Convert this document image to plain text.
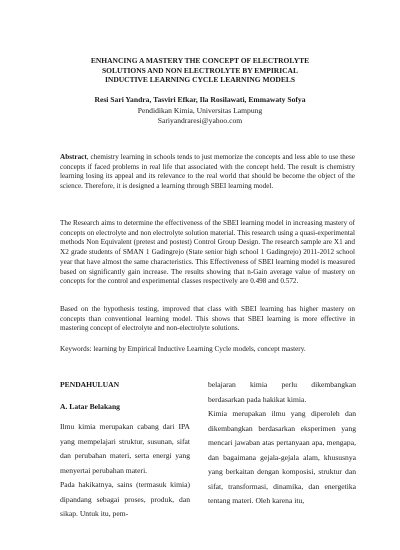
ENHANCING A MASTERY THE CONCEPT OF ELECTROLYTE
SOLUTIONS AND NON ELECTROLYTE BY EMPIRICAL
INDUCTIVE LEARNING CYCLE LEARNING MODELS
Resi Sari Yandra, Tasviri Efkar, Ila Rosilawati, Emmawaty Sofya
Pendidikan Kimia, Universitas Lampung
Sariyandraresi@yahoo.com

Abstract, chemistry learning in schools tends to just memorize the concepts and less able to use these concepts if faced problems in real life that associated with the concept held. The result is chemistry learning losing its appeal and its relevance to the real world that should be become the object of the science. Therefore, it is designed a learning through SBEI learning model.

The Research aims to determine the effectiveness of the SBEI learning model in increasing mastery of concepts on electrolyte and non electrolyte solution material. This research using a quasi-experimental methods Non Equivalent (pretest and postest) Control Group Design. The research sample are X1 and X2 grade students of SMAN 1 Gadingrejo (State senior high school 1 Gadingrejo) 2011-2012 school year that have almost the same characteristics. This Effectiveness of SBEI learning model is measured based on significantly gain increase. The results showing that n-Gain average value of mastery on concepts for the control and experimental classes respectively are 0.498 and 0.572.

Based on the hypothesis testing, improved that class with SBEI learning has higher mastery on concepts than conventional learning model. This shows that SBEI learning is more effective in mastering concept of electrolyte and non-electrolyte solutions.

Keywords: learning by Empirical Inductive Learning Cycle models, concept mastery.

PENDAHULUAN

A. Latar Belakang

Ilmu kimia merupakan cabang dari IPA yang mempelajari struktur, susunan, sifat dan perubahan materi, serta energi yang menyertai perubahan materi.

Pada hakikatnya, sains (termasuk kimia) dipandang sebagai proses, produk, dan sikap. Untuk itu, pem-

belajaran kimia perlu dikembangkan berdasarkan pada hakikat kimia.

Kimia merupakan ilmu yang diperoleh dan dikembangkan berdasarkan eksperimen yang mencari jawaban atas pertanyaan apa, mengapa, dan bagaimana gejala-gejala alam, khususnya yang berkaitan dengan komposisi, struktur dan sifat, transformasi, dinamika, dan energetika tentang materi. Oleh karena itu,
